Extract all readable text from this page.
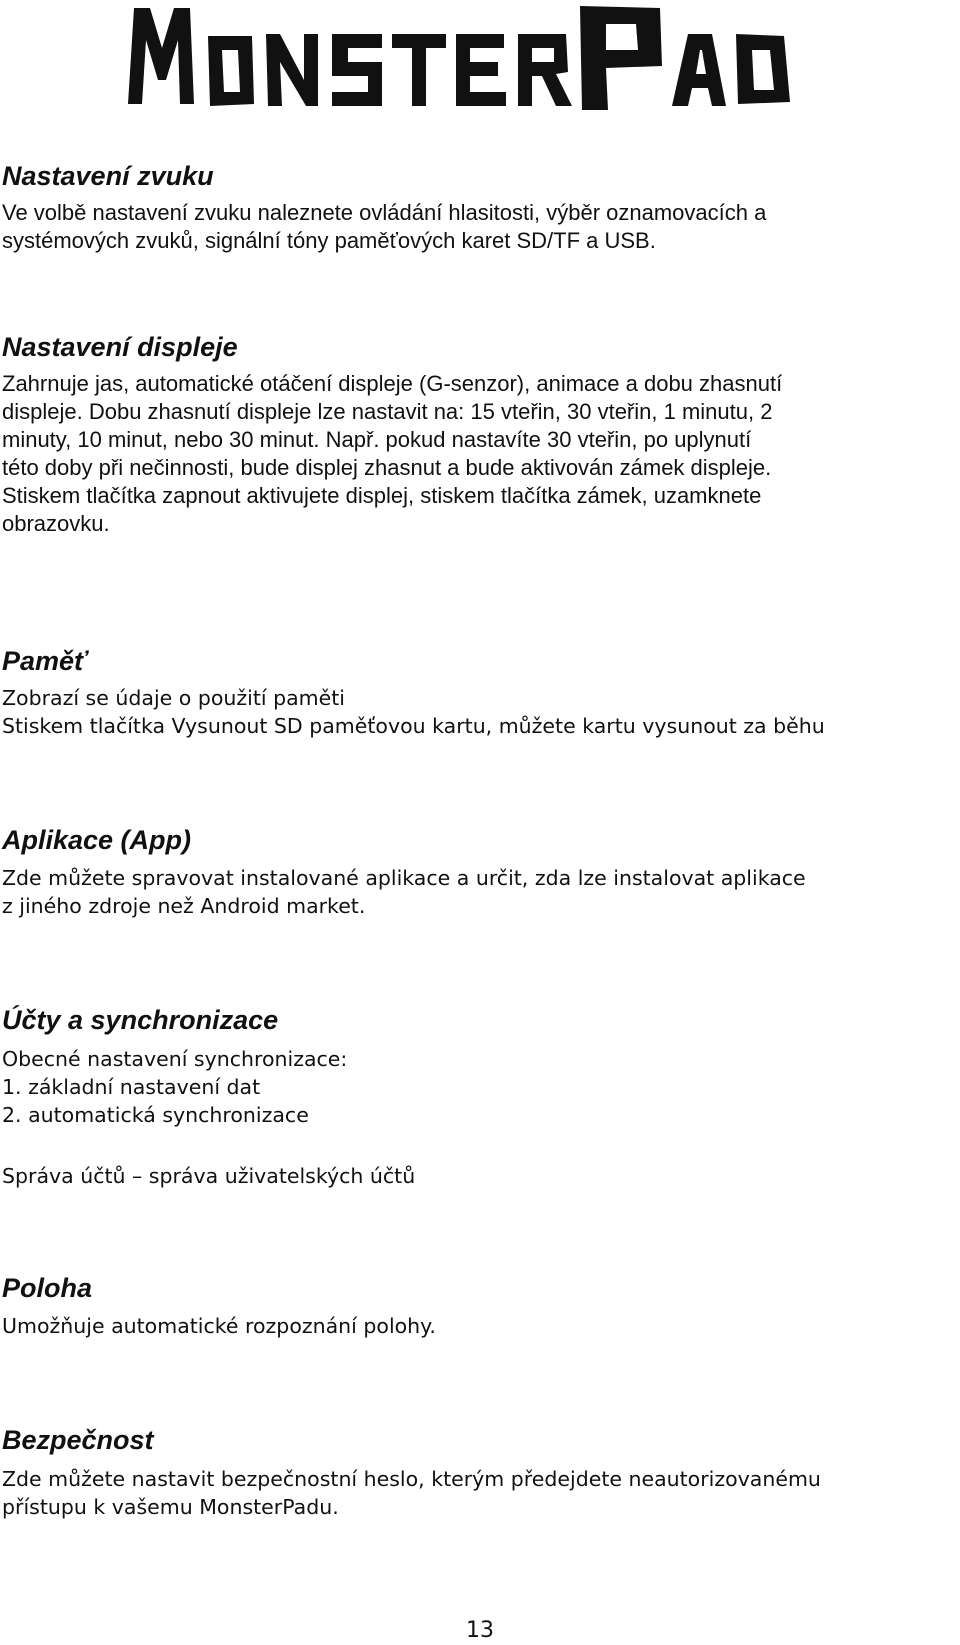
Nastavení zvuku

Ve volbě nastavení zvuku naleznete ovládání hlasitosti, výběr oznamovacích a
systémových zvuků, signální tóny paměťových karet SD/TF a USB.

Nastavení displeje

Zahrnuje jas, automatické otáčení displeje (G-senzor), animace a dobu zhasnutí
displeje. Dobu zhasnutí displeje lze nastavit na: 15 vteřin, 30 vteřin, 1 minutu, 2
minuty, 10 minut, nebo 30 minut. Např. pokud nastavíte 30 vteřin, po uplynutí
této doby při nečinnosti, bude displej zhasnut a bude aktivován zámek displeje.
Stiskem tlačítka zapnout aktivujete displej, stiskem tlačítka zámek, uzamknete
obrazovku.

Paměť

Zobrazí se údaje o použití paměti
Stiskem tlačítka Vysunout SD paměťovou kartu, můžete kartu vysunout za běhu

Aplikace (App)

Zde můžete spravovat instalované aplikace a určit, zda lze instalovat aplikace
z jiného zdroje než Android market.

Účty a synchronizace

Obecné nastavení synchronizace:
1. základní nastavení dat
2. automatická synchronizace

Správa účtů – správa uživatelských účtů

Poloha

Umožňuje automatické rozpoznání polohy.

Bezpečnost

Zde můžete nastavit bezpečnostní heslo, kterým předejdete neautorizovanému
přístupu k vašemu MonsterPadu.

13
